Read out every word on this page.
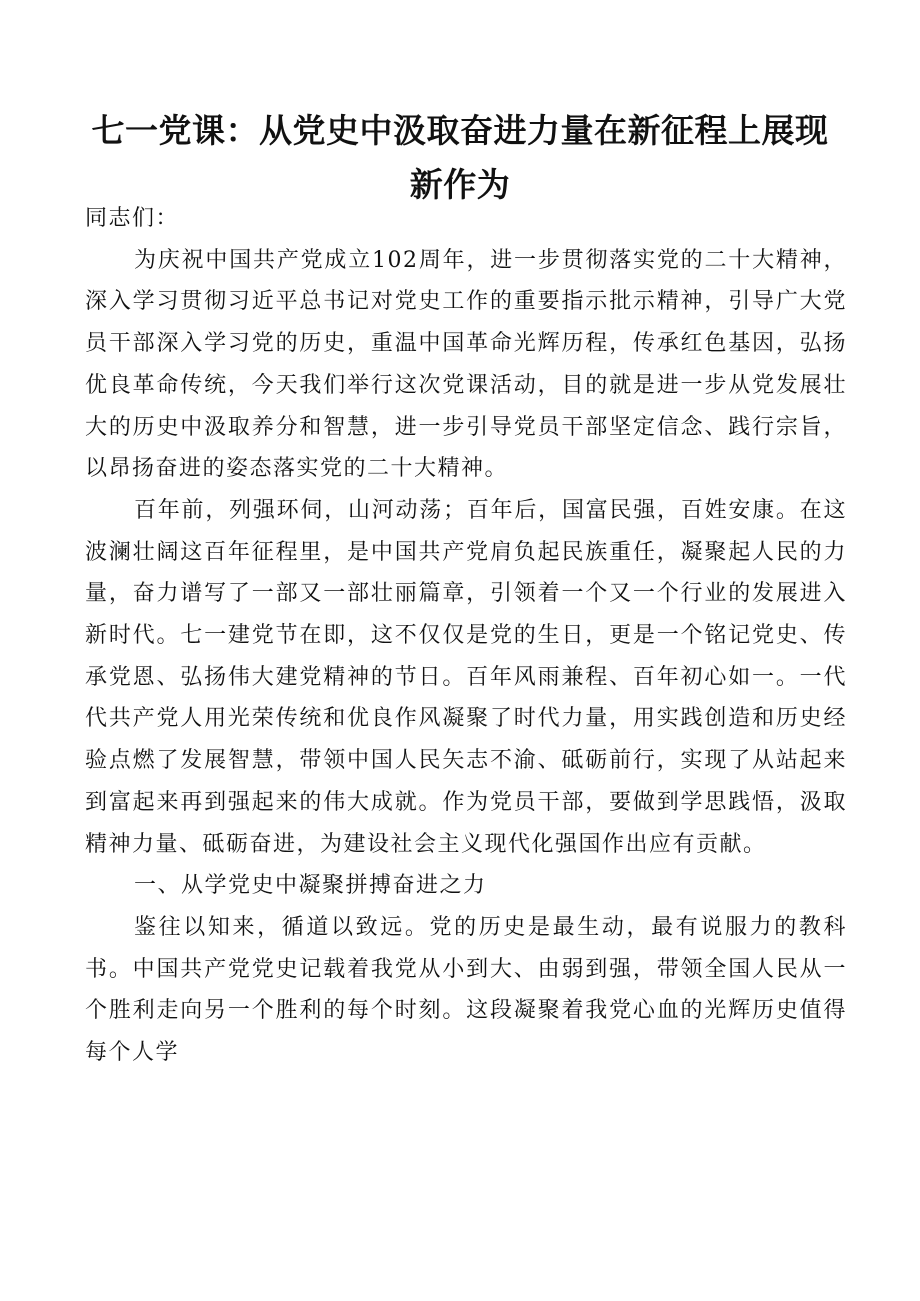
七一党课：从党史中汲取奋进力量在新征程上展现新作为

同志们：

为庆祝中国共产党成立102周年，进一步贯彻落实党的二十大精神，深入学习贯彻习近平总书记对党史工作的重要指示批示精神，引导广大党员干部深入学习党的历史，重温中国革命光辉历程，传承红色基因，弘扬优良革命传统，今天我们举行这次党课活动，目的就是进一步从党发展壮大的历史中汲取养分和智慧，进一步引导党员干部坚定信念、践行宗旨，以昂扬奋进的姿态落实党的二十大精神。

百年前，列强环伺，山河动荡；百年后，国富民强，百姓安康。在这波澜壮阔这百年征程里，是中国共产党肩负起民族重任，凝聚起人民的力量，奋力谱写了一部又一部壮丽篇章，引领着一个又一个行业的发展进入新时代。七一建党节在即，这不仅仅是党的生日，更是一个铭记党史、传承党恩、弘扬伟大建党精神的节日。百年风雨兼程、百年初心如一。一代代共产党人用光荣传统和优良作风凝聚了时代力量，用实践创造和历史经验点燃了发展智慧，带领中国人民矢志不渝、砥砺前行，实现了从站起来到富起来再到强起来的伟大成就。作为党员干部，要做到学思践悟，汲取精神力量、砥砺奋进，为建设社会主义现代化强国作出应有贡献。

一、从学党史中凝聚拼搏奋进之力

鉴往以知来，循道以致远。党的历史是最生动，最有说服力的教科书。中国共产党党史记载着我党从小到大、由弱到强，带领全国人民从一个胜利走向另一个胜利的每个时刻。这段凝聚着我党心血的光辉历史值得每个人学
